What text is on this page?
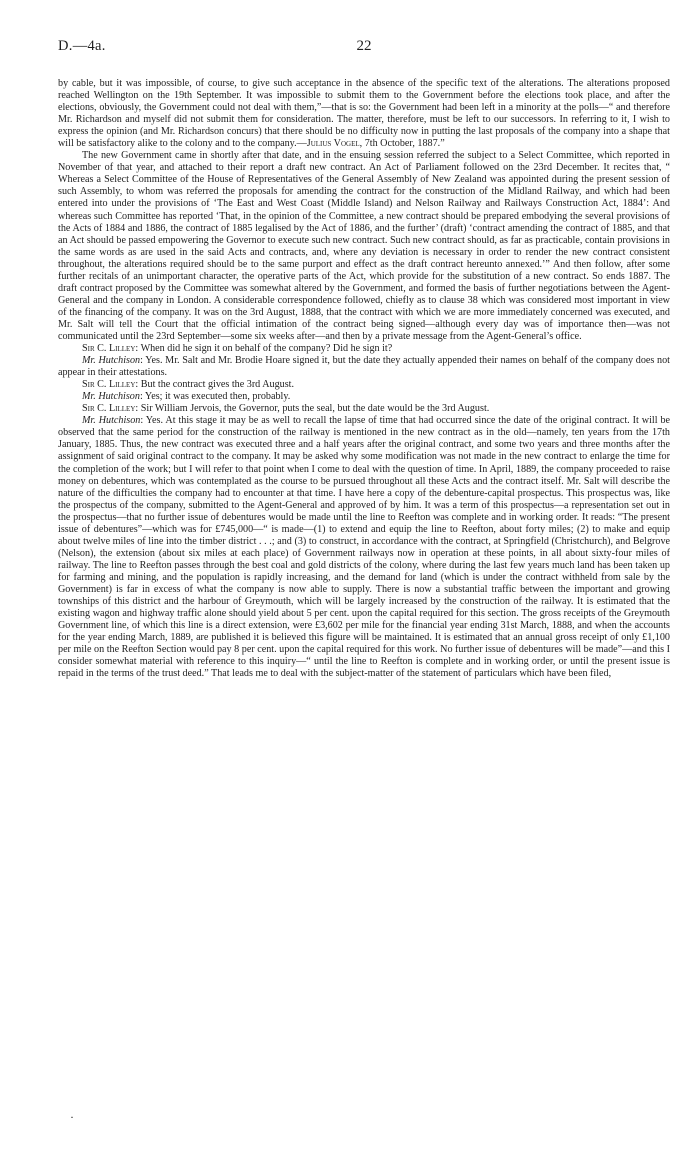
D.—4a.	22

by cable, but it was impossible, of course, to give such acceptance in the absence of the specific text of the alterations. The alterations proposed reached Wellington on the 19th September. It was impossible to submit them to the Government before the elections took place, and after the elections, obviously, the Government could not deal with them,”—that is so: the Government had been left in a minority at the polls—“ and therefore Mr. Richardson and myself did not submit them for consideration. The matter, therefore, must be left to our successors. In referring to it, I wish to express the opinion (and Mr. Richardson concurs) that there should be no difficulty now in putting the last proposals of the company into a shape that will be satisfactory alike to the colony and to the company.—Julius Vogel, 7th October, 1887.”

The new Government came in shortly after that date, and in the ensuing session referred the subject to a Select Committee, which reported in November of that year, and attached to their report a draft new contract. An Act of Parliament followed on the 23rd December. It recites that, “ Whereas a Select Committee of the House of Representatives of the General Assembly of New Zealand was appointed during the present session of such Assembly, to whom was referred the proposals for amending the contract for the construction of the Midland Railway, and which had been entered into under the provisions of ‘The East and West Coast (Middle Island) and Nelson Railway and Railways Construction Act, 1884’: And whereas such Committee has reported ‘That, in the opinion of the Committee, a new contract should be prepared embodying the several provisions of the Acts of 1884 and 1886, the contract of 1885 legalised by the Act of 1886, and the further’ (draft) ‘contract amending the contract of 1885, and that an Act should be passed empowering the Governor to execute such new contract. Such new contract should, as far as practicable, contain provisions in the same words as are used in the said Acts and contracts, and, where any deviation is necessary in order to render the new contract consistent throughout, the alterations required should be to the same purport and effect as the draft contract hereunto annexed.’” And then follow, after some further recitals of an unimportant character, the operative parts of the Act, which provide for the substitution of a new contract. So ends 1887. The draft contract proposed by the Committee was somewhat altered by the Government, and formed the basis of further negotiations between the Agent-General and the company in London. A considerable correspondence followed, chiefly as to clause 38 which was considered most important in view of the financing of the company. It was on the 3rd August, 1888, that the contract with which we are more immediately concerned was executed, and Mr. Salt will tell the Court that the official intimation of the contract being signed—although every day was of importance then—was not communicated until the 23rd September—some six weeks after—and then by a private message from the Agent-General’s office.

Sir C. Lilley: When did he sign it on behalf of the company? Did he sign it?

Mr. Hutchison: Yes. Mr. Salt and Mr. Brodie Hoare signed it, but the date they actually appended their names on behalf of the company does not appear in their attestations.

Sir C. Lilley: But the contract gives the 3rd August.

Mr. Hutchison: Yes; it was executed then, probably.

Sir C. Lilley: Sir William Jervois, the Governor, puts the seal, but the date would be the 3rd August.

Mr. Hutchison: Yes. At this stage it may be as well to recall the lapse of time that had occurred since the date of the original contract. It will be observed that the same period for the construction of the railway is mentioned in the new contract as in the old—namely, ten years from the 17th January, 1885. Thus, the new contract was executed three and a half years after the original contract, and some two years and three months after the assignment of said original contract to the company. It may be asked why some modification was not made in the new contract to enlarge the time for the completion of the work; but I will refer to that point when I come to deal with the question of time. In April, 1889, the company proceeded to raise money on debentures, which was contemplated as the course to be pursued throughout all these Acts and the contract itself. Mr. Salt will describe the nature of the difficulties the company had to encounter at that time. I have here a copy of the debenture-capital prospectus. This prospectus was, like the prospectus of the company, submitted to the Agent-General and approved of by him. It was a term of this prospectus—a representation set out in the prospectus—that no further issue of debentures would be made until the line to Reefton was complete and in working order. It reads: “The present issue of debentures”—which was for £745,000—“ is made—(1) to extend and equip the line to Reefton, about forty miles; (2) to make and equip about twelve miles of line into the timber district . . .; and (3) to construct, in accordance with the contract, at Springfield (Christchurch), and Belgrove (Nelson), the extension (about six miles at each place) of Government railways now in operation at these points, in all about sixty-four miles of railway. The line to Reefton passes through the best coal and gold districts of the colony, where during the last few years much land has been taken up for farming and mining, and the population is rapidly increasing, and the demand for land (which is under the contract withheld from sale by the Government) is far in excess of what the company is now able to supply. There is now a substantial traffic between the important and growing townships of this district and the harbour of Greymouth, which will be largely increased by the construction of the railway. It is estimated that the existing wagon and highway traffic alone should yield about 5 per cent. upon the capital required for this section. The gross receipts of the Greymouth Government line, of which this line is a direct extension, were £3,602 per mile for the financial year ending 31st March, 1888, and when the accounts for the year ending March, 1889, are published it is believed this figure will be maintained. It is estimated that an annual gross receipt of only £1,100 per mile on the Reefton Section would pay 8 per cent. upon the capital required for this work. No further issue of debentures will be made”—and this I consider somewhat material with reference to this inquiry—“ until the line to Reefton is complete and in working order, or until the present issue is repaid in the terms of the trust deed.” That leads me to deal with the subject-matter of the statement of particulars which have been filed,

·
